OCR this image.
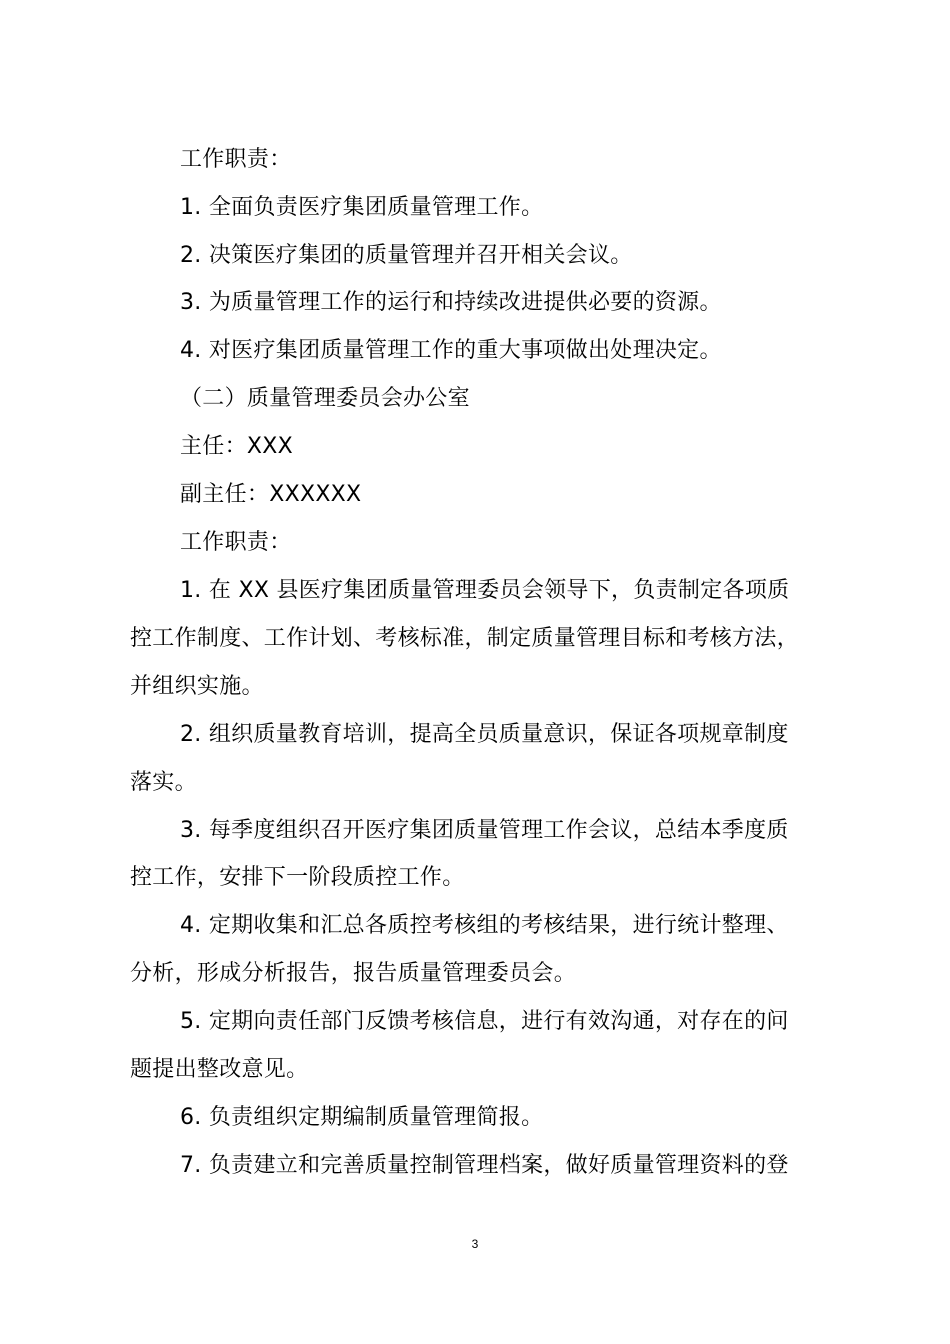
工作职责：
1. 全面负责医疗集团质量管理工作。
2. 决策医疗集团的质量管理并召开相关会议。
3. 为质量管理工作的运行和持续改进提供必要的资源。
4. 对医疗集团质量管理工作的重大事项做出处理决定。
（二）质量管理委员会办公室
主任：XXX
副主任：XXXXXX
工作职责：
1. 在 XX 县医疗集团质量管理委员会领导下，负责制定各项质
控工作制度、工作计划、考核标准，制定质量管理目标和考核方法，
并组织实施。
2. 组织质量教育培训，提高全员质量意识，保证各项规章制度
落实。
3. 每季度组织召开医疗集团质量管理工作会议，总结本季度质
控工作，安排下一阶段质控工作。
4. 定期收集和汇总各质控考核组的考核结果，进行统计整理、
分析，形成分析报告，报告质量管理委员会。
5. 定期向责任部门反馈考核信息，进行有效沟通，对存在的问
题提出整改意见。
6. 负责组织定期编制质量管理简报。
7. 负责建立和完善质量控制管理档案，做好质量管理资料的登
3
